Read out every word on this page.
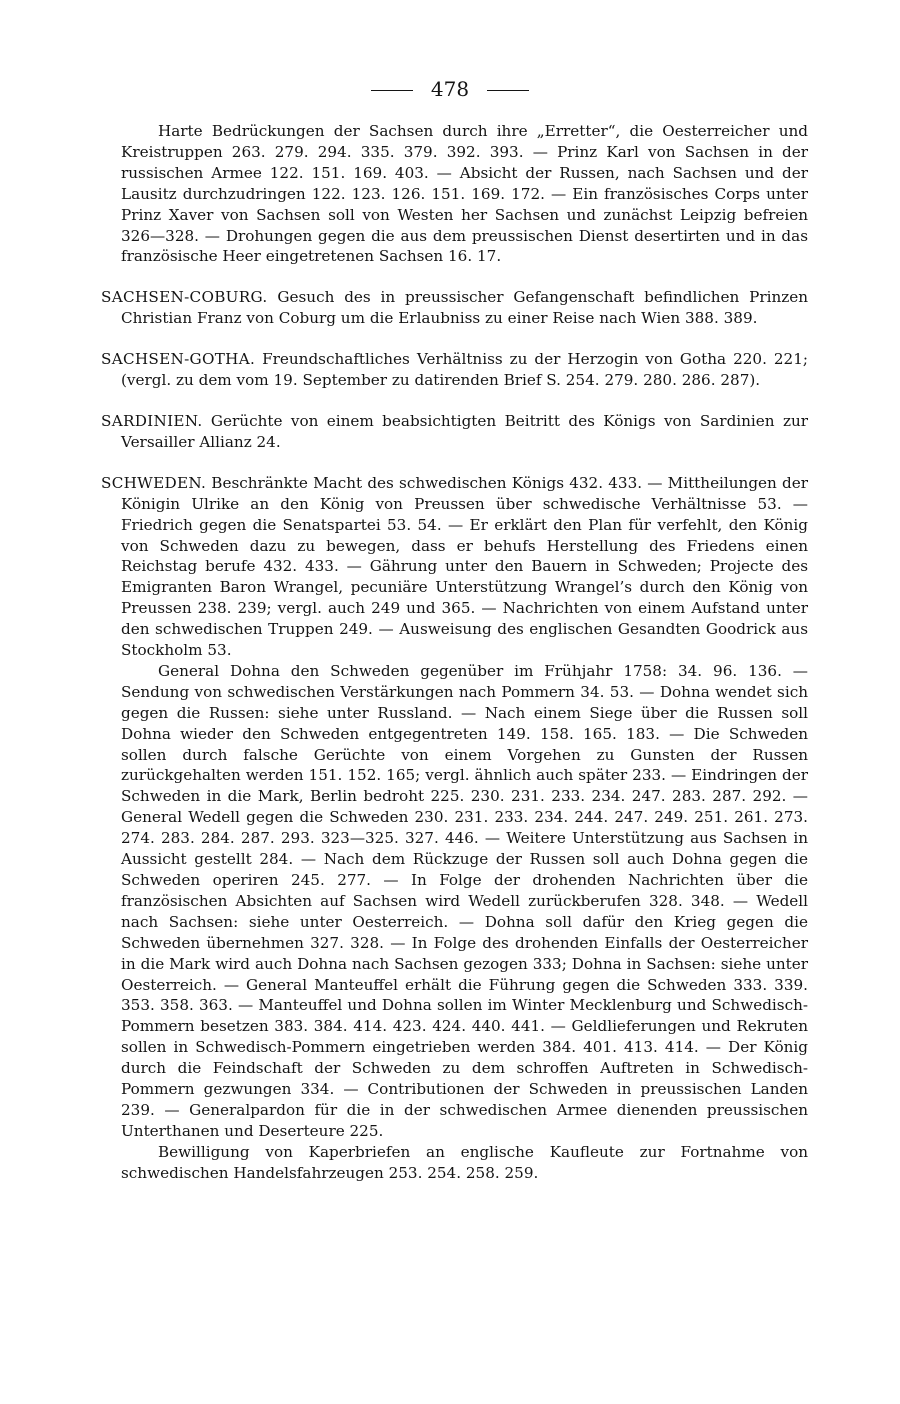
478

Harte Bedrückungen der Sachsen durch ihre „Erretter“, die Oesterreicher und Kreistruppen 263. 279. 294. 335. 379. 392. 393. — Prinz Karl von Sachsen in der russischen Armee 122. 151. 169. 403. — Absicht der Russen, nach Sachsen und der Lausitz durchzudringen 122. 123. 126. 151. 169. 172. — Ein französisches Corps unter Prinz Xaver von Sachsen soll von Westen her Sachsen und zunächst Leipzig befreien 326—328. — Drohungen gegen die aus dem preussischen Dienst desertirten und in das französische Heer eingetretenen Sachsen 16. 17.

SACHSEN-COBURG. Gesuch des in preussischer Gefangenschaft befindlichen Prinzen Christian Franz von Coburg um die Erlaubniss zu einer Reise nach Wien 388. 389.

SACHSEN-GOTHA. Freundschaftliches Verhältniss zu der Herzogin von Gotha 220. 221; (vergl. zu dem vom 19. September zu datirenden Brief S. 254. 279. 280. 286. 287).

SARDINIEN. Gerüchte von einem beabsichtigten Beitritt des Königs von Sardinien zur Versailler Allianz 24.

SCHWEDEN. Beschränkte Macht des schwedischen Königs 432. 433. — Mittheilungen der Königin Ulrike an den König von Preussen über schwedische Verhältnisse 53. — Friedrich gegen die Senatspartei 53. 54. — Er erklärt den Plan für verfehlt, den König von Schweden dazu zu bewegen, dass er behufs Herstellung des Friedens einen Reichstag berufe 432. 433. — Gährung unter den Bauern in Schweden; Projecte des Emigranten Baron Wrangel, pecuniäre Unterstützung Wrangel’s durch den König von Preussen 238. 239; vergl. auch 249 und 365. — Nachrichten von einem Aufstand unter den schwedischen Truppen 249. — Ausweisung des englischen Gesandten Goodrick aus Stockholm 53.

General Dohna den Schweden gegenüber im Frühjahr 1758: 34. 96. 136. — Sendung von schwedischen Verstärkungen nach Pommern 34. 53. — Dohna wendet sich gegen die Russen: siehe unter Russland. — Nach einem Siege über die Russen soll Dohna wieder den Schweden entgegentreten 149. 158. 165. 183. — Die Schweden sollen durch falsche Gerüchte von einem Vorgehen zu Gunsten der Russen zurückgehalten werden 151. 152. 165; vergl. ähnlich auch später 233. — Eindringen der Schweden in die Mark, Berlin bedroht 225. 230. 231. 233. 234. 247. 283. 287. 292. — General Wedell gegen die Schweden 230. 231. 233. 234. 244. 247. 249. 251. 261. 273. 274. 283. 284. 287. 293. 323—325. 327. 446. — Weitere Unterstützung aus Sachsen in Aussicht gestellt 284. — Nach dem Rückzuge der Russen soll auch Dohna gegen die Schweden operiren 245. 277. — In Folge der drohenden Nachrichten über die französischen Absichten auf Sachsen wird Wedell zurückberufen 328. 348. — Wedell nach Sachsen: siehe unter Oesterreich. — Dohna soll dafür den Krieg gegen die Schweden übernehmen 327. 328. — In Folge des drohenden Einfalls der Oesterreicher in die Mark wird auch Dohna nach Sachsen gezogen 333; Dohna in Sachsen: siehe unter Oesterreich. — General Manteuffel erhält die Führung gegen die Schweden 333. 339. 353. 358. 363. — Manteuffel und Dohna sollen im Winter Mecklenburg und Schwedisch-Pommern besetzen 383. 384. 414. 423. 424. 440. 441. — Geldlieferungen und Rekruten sollen in Schwedisch-Pommern eingetrieben werden 384. 401. 413. 414. — Der König durch die Feindschaft der Schweden zu dem schroffen Auftreten in Schwedisch-Pommern gezwungen 334. — Contributionen der Schweden in preussischen Landen 239. — Generalpardon für die in der schwedischen Armee dienenden preussischen Unterthanen und Deserteure 225.

Bewilligung von Kaperbriefen an englische Kaufleute zur Fortnahme von schwedischen Handelsfahrzeugen 253. 254. 258. 259.
